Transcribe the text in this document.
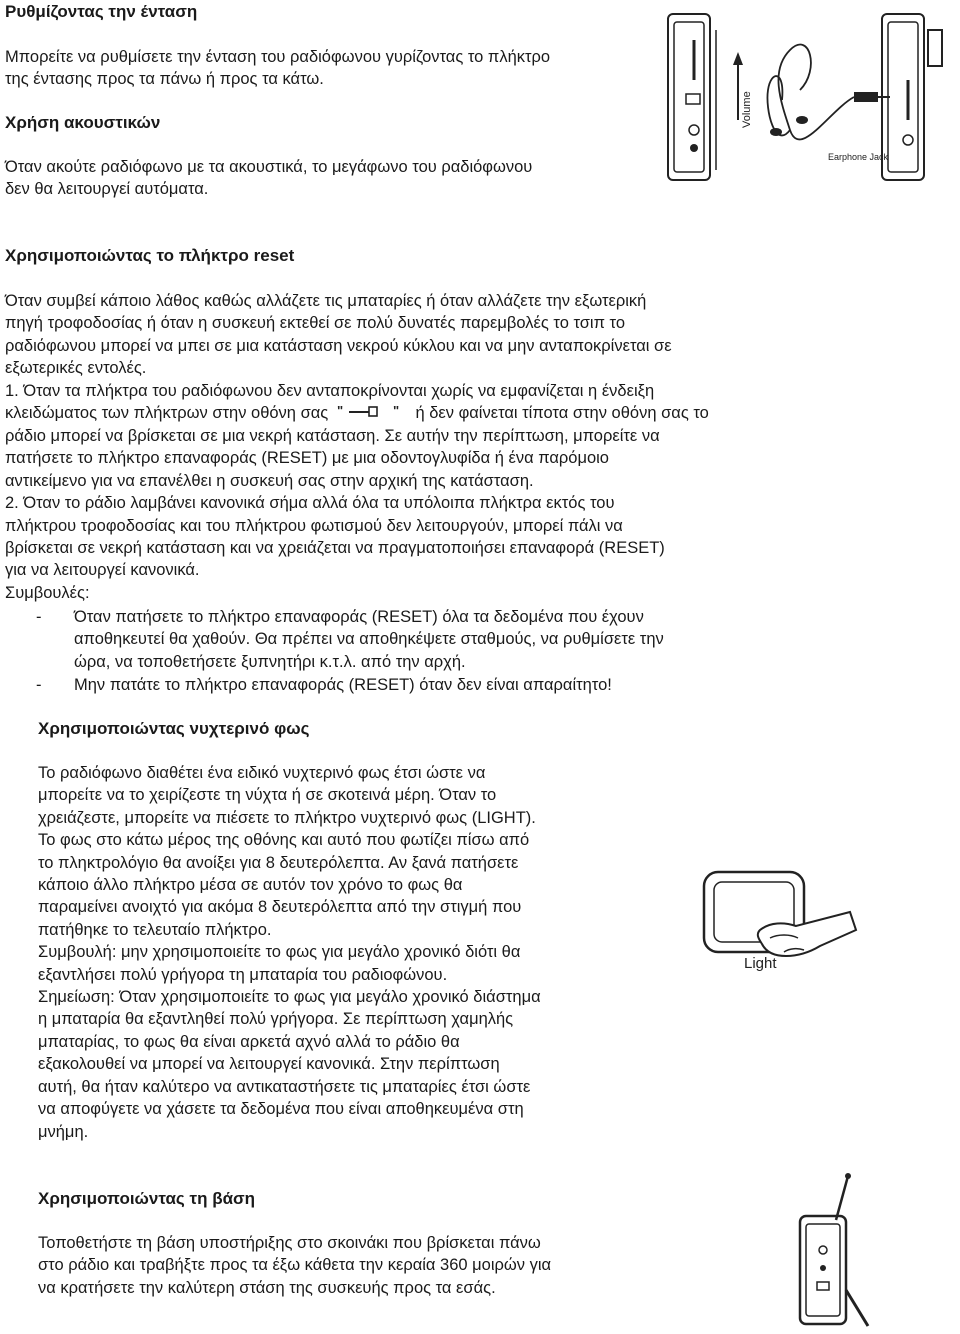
Ρυθμίζοντας την ένταση
Μπορείτε να ρυθμίσετε την ένταση του ραδιόφωνου γυρίζοντας το πλήκτρο
της έντασης προς τα πάνω ή προς τα κάτω.
Χρήση ακουστικών
Όταν ακούτε ραδιόφωνο με τα ακουστικά, το μεγάφωνο του ραδιόφωνου
δεν θα λειτουργεί αυτόματα.
Volume
Earphone Jack
Χρησιμοποιώντας το πλήκτρο reset
Όταν συμβεί κάποιο λάθος καθώς αλλάζετε τις μπαταρίες ή όταν αλλάζετε την εξωτερική
πηγή τροφοδοσίας ή όταν η συσκευή εκτεθεί σε πολύ δυνατές παρεμβολές το τσιπ το
ραδιόφωνου μπορεί να μπει σε μια κατάσταση νεκρού κύκλου και να μην ανταποκρίνεται σε
εξωτερικές εντολές.
1. Όταν τα πλήκτρα του ραδιόφωνου δεν ανταποκρίνονται χωρίς να εμφανίζεται η ένδειξη
κλειδώματος των πλήκτρων στην οθόνη σας "	" ή δεν φαίνεται τίποτα στην οθόνη σας το
ράδιο μπορεί να βρίσκεται σε μια νεκρή κατάσταση. Σε αυτήν την περίπτωση, μπορείτε να
πατήσετε το πλήκτρο επαναφοράς (RESET) με μια οδοντογλυφίδα ή ένα παρόμοιο
αντικείμενο για να επανέλθει η συσκευή σας στην αρχική της κατάσταση.
2. Όταν το ράδιο λαμβάνει κανονικά σήμα αλλά όλα τα υπόλοιπα πλήκτρα εκτός του
πλήκτρου τροφοδοσίας και του πλήκτρου φωτισμού δεν λειτουργούν, μπορεί πάλι να
βρίσκεται σε νεκρή κατάσταση και να χρειάζεται να πραγματοποιήσει επαναφορά (RESET)
για να λειτουργεί κανονικά.
Συμβουλές:
- Όταν πατήσετε το πλήκτρο επαναφοράς (RESET) όλα τα δεδομένα που έχουν
αποθηκευτεί θα χαθούν. Θα πρέπει να αποθηκέψετε σταθμούς, να ρυθμίσετε την
ώρα, να τοποθετήσετε ξυπνητήρι κ.τ.λ. από την αρχή.
- Μην πατάτε το πλήκτρο επαναφοράς (RESET) όταν δεν είναι απαραίτητο!
Χρησιμοποιώντας νυχτερινό φως
Το ραδιόφωνο διαθέτει ένα ειδικό νυχτερινό φως έτσι ώστε να
μπορείτε να το χειρίζεστε τη νύχτα ή σε σκοτεινά μέρη. Όταν το
χρειάζεστε, μπορείτε να πιέσετε το πλήκτρο νυχτερινό φως (LIGHT).
Το φως στο κάτω μέρος της οθόνης και αυτό που φωτίζει πίσω από
το πληκτρολόγιο θα ανοίξει για 8 δευτερόλεπτα. Αν ξανά πατήσετε
κάποιο άλλο πλήκτρο μέσα σε αυτόν τον χρόνο το φως θα
παραμείνει ανοιχτό για ακόμα 8 δευτερόλεπτα από την στιγμή που
πατήθηκε το τελευταίο πλήκτρο.
Συμβουλή: μην χρησιμοποιείτε το φως για μεγάλο χρονικό διότι θα
εξαντλήσει πολύ γρήγορα τη μπαταρία του ραδιοφώνου.
Σημείωση: Όταν χρησιμοποιείτε το φως για μεγάλο χρονικό διάστημα
η μπαταρία θα εξαντληθεί πολύ γρήγορα. Σε περίπτωση χαμηλής
μπαταρίας, το φως θα είναι αρκετά αχνό αλλά το ράδιο θα
εξακολουθεί να μπορεί να λειτουργεί κανονικά. Στην περίπτωση
αυτή, θα ήταν καλύτερο να αντικαταστήσετε τις μπαταρίες έτσι ώστε
να αποφύγετε να χάσετε τα δεδομένα που είναι αποθηκευμένα στη
μνήμη.
Light
Χρησιμοποιώντας τη βάση
Τοποθετήστε τη βάση υποστήριξης στο σκοινάκι που βρίσκεται πάνω
στο ράδιο και τραβήξτε προς τα έξω κάθετα την κεραία 360 μοιρών για
να κρατήσετε την καλύτερη στάση της συσκευής προς τα εσάς.
